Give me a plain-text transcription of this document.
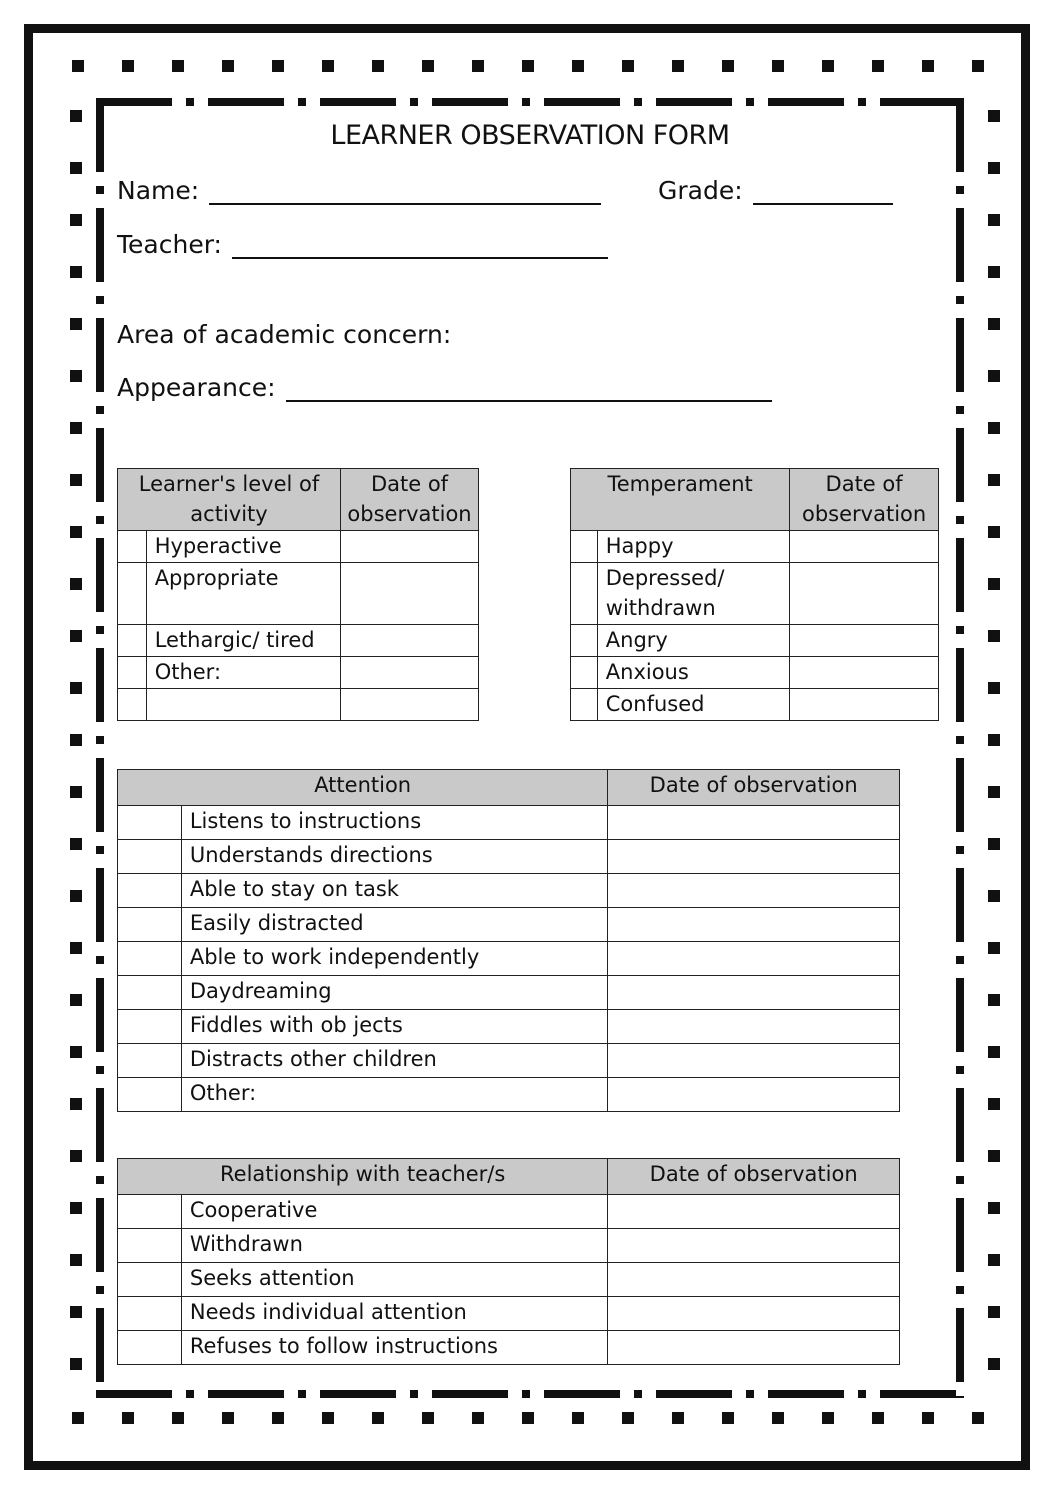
LEARNER OBSERVATION FORM
Name:	Grade:
Teacher:
Area of academic concern:
Appearance:
Learner's level of activity		Date of observation
	Hyperactive	
	Appropriate	
	Lethargic/ tired	
	Other:	

Temperament		Date of observation
	Happy	
	Depressed/ withdrawn	
	Angry	
	Anxious	
	Confused	
Attention		Date of observation
	Listens to instructions	
	Understands directions	
	Able to stay on task	
	Easily distracted	
	Able to work independently	
	Daydreaming	
	Fiddles with ob jects	
	Distracts other children	
	Other:	
Relationship with teacher/s		Date of observation
	Cooperative	
	Withdrawn	
	Seeks attention	
	Needs individual attention	
	Refuses to follow instructions	
